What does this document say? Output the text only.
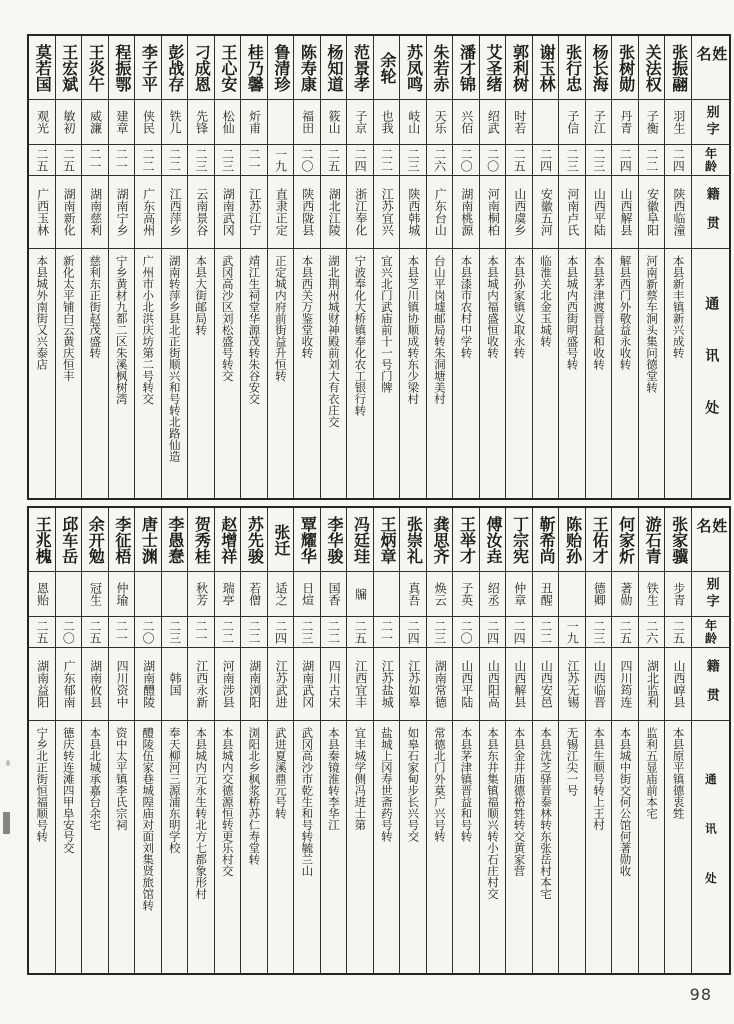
姓名
别字
年龄
籍贯
通讯处
张振翮
羽生
二四
陕西临潼
本县新丰镇新兴成转
关法权
子衡
二二
安徽阜阳
河南新蔡车涧头集问德堂转
张树勋
丹青
二四
山西解县
解县西门外敬益永收转
杨长海
子江
二三
山西平陆
本县茅津渡晋益和收转
张行忠
子信
二三
河南卢氏
本县城内西街明盛号转
谢玉林
二四
安徽五河
临淮关北金玉城转
郭利树
时若
二五
山西虞乡
本县孙家镇义取永转
艾圣绪
绍武
二〇
河南桐柏
本县城内福盛恒收转
潘才锦
兴佰
二〇
湖南桃源
本县漆市农村中学转
朱若赤
天乐
二六
广东台山
台山平岗墟邮局转朱洞塘美村
苏凤鸣
岐山
二三
陕西韩城
本县芝川镇协顺成转东少梁村
余轮
也我
二二
江苏宜兴
宜兴北门武庙前十一号门牌
范景孝
子京
二四
浙江奉化
宁波奉化大桥镇奉化农工银行转
杨知道
筱山
二五
湖北江陵
湖北荆州城财神殿前刘大有衣庄交
陈寿康
福田
二〇
陕西陇县
本县西关万鉴堂收转
鲁清珍
一九
直隶正定
正定城内府前街益升恒转
桂乃馨
炘甫
二一
江苏江宁
靖江生祠堂华源茂转朱谷安交
王心安
松仙
二三
湖南武冈
武冈高沙区刘松盛号转交
刁成恩
先锋
二三
云南景谷
本县大街邮局转
彭战存
铁儿
二二
江西萍乡
湖南转萍乡县北正街顺兴和号转北路仙造
李子平
侠民
二二
广东高州
广州市小北洪庆坊第二号转交
程振鄂
建章
二一
湖南宁乡
宁乡黄材九都二区朱溪枫树湾
王炎午
威濂
二一
湖南慈利
慈利东正街赵茂盛转
王宏斌
敏初
二五
湖南新化
新化太平铺白云黄庆恒丰
莫若国
观光
二五
广西玉林
本县城外南街又兴泰店
姓名
别字
年龄
籍贯
通讯处
张家骥
步青
二五
山西崞县
本县原平镇德衷甡
游石青
铁生
二六
湖北监利
监利五显庙前本宅
何家炘
著勋
二五
四川筠连
本县城中街交何公馆何著勋收
王佑才
德卿
二三
山西临晋
本县生顺号转上王村
陈贻孙
一九
江苏无锡
无锡江尖一号
靳希尚
丑醒
二二
山西安邑
本县沈芝驿晋泰林转东张岳村本宅
丁宗宪
仲章
二四
山西解县
本县金井庙德裕甡转交黄家营
傅汝垚
绍丞
二四
山西阳高
本县东井集镇福顺兴转小石庄村交
王举才
子英
二〇
山西平陆
本县茅津镇晋益和号转
龚思齐
焕云
二三
湖南常德
常德北门外莫广兴号转
张崇礼
真吾
二四
江苏如皋
如皋石家甸步长兴号交
王炳章
二一
江苏盐城
盐城上冈寿世斋药号转
冯廷珪
牖
二五
江西宜丰
宜丰城学侧冯进士第
李华骏
国香
二二
四川古宋
本县秦镜淮转李华江
覃耀华
日煊
二三
湖南武冈
武冈高沙市乾生和号转毓兰山
张迁
适之
二四
江苏武进
武进夏溪鼎元号转
苏先骏
若僧
二二
湖南浏阳
浏阳北乡枫浆桥苏仁寿堂转
赵增祥
瑞亭
二二
河南涉县
本县城内交德源恒转更乐村交
贺秀桂
秋芳
二一
江西永新
本县城内元永生转北方七都象形村
李愚惷
二三
韩国
奉天柳河三源浦东明学校
唐士渊
二〇
湖南醴陵
醴陵伍家巷城隍庙对面刘集贤旅馆转
李征梧
仲瑜
二一
四川资中
资中太平镇李氏宗祠
余开勉
冠生
二五
湖南攸县
本县北城承嘉台余宅
邱车岳
二〇
广东郁南
德庆转连滩四甲阜安号交
王兆槐
恩贻
二五
湖南益阳
宁乡北正街恒福顺号转
98
